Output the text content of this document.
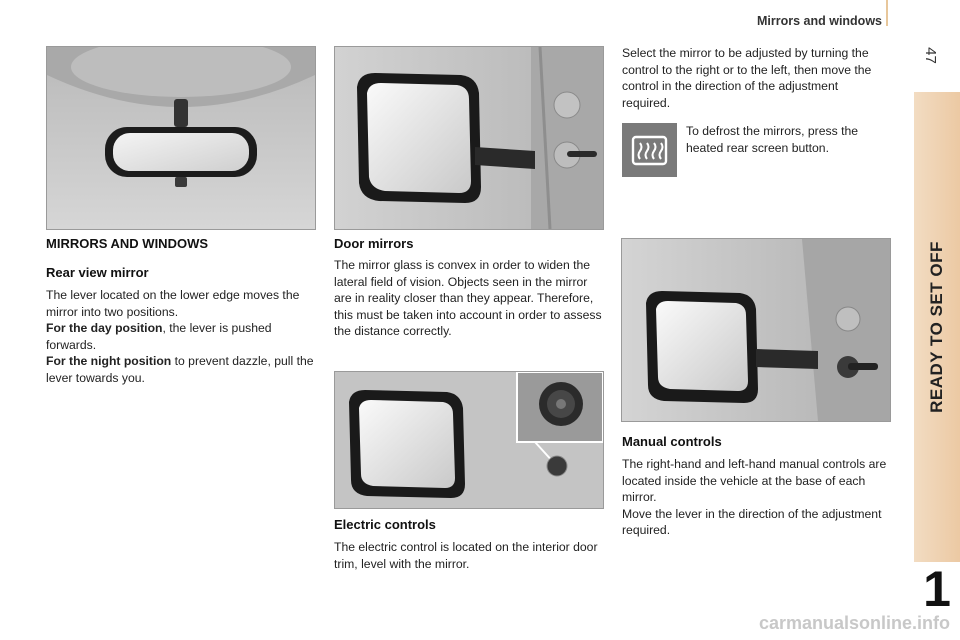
Mirrors and windows
47
READY TO SET OFF
1
MIRRORS AND WINDOWS
Rear view mirror
The lever located on the lower edge moves the mirror into two positions.
For the day position, the lever is pushed forwards.
For the night position to prevent dazzle, pull the lever towards you.
Door mirrors

The mirror glass is convex in order to widen the lateral field of vision. Objects seen in the mirror are in reality closer than they appear. Therefore, this must be taken into account in order to assess the distance correctly.

Electric controls

The electric control is located on the interior door trim, level with the mirror.

Select the mirror to be adjusted by turning the control to the right or to the left, then move the control in the direction of the adjustment required.

To defrost the mirrors, press the heated rear screen button.

Manual controls
The right-hand and left-hand manual controls are located inside the vehicle at the base of each mirror.
Move the lever in the direction of the adjustment required.
carmanualsonline.info
